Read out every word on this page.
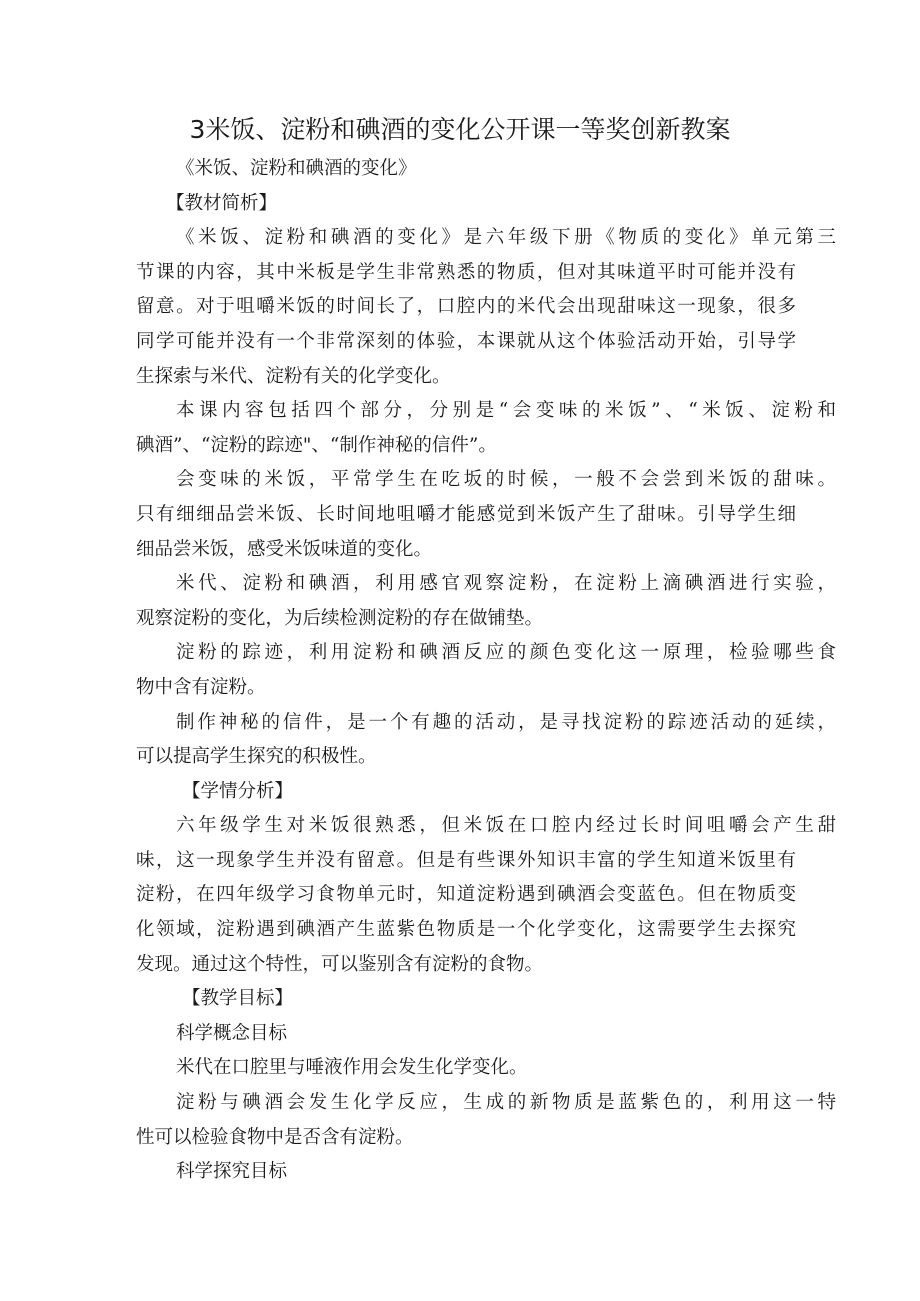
3米饭、淀粉和碘酒的变化公开课一等奖创新教案
《米饭、淀粉和碘酒的变化》
【教材简析】
《米饭、淀粉和碘酒的变化》是六年级下册《物质的变化》单元第三
节课的内容，其中米板是学生非常熟悉的物质，但对其味道平时可能并没有
留意。对于咀嚼米饭的时间长了，口腔内的米代会出现甜味这一现象，很多
同学可能并没有一个非常深刻的体验，本课就从这个体验活动开始，引导学
生探索与米代、淀粉有关的化学变化。
本课内容包括四个部分，分别是“会变味的米饭”、“米饭、淀粉和
碘酒”、“淀粉的踪迹"、“制作神秘的信件”。
会变味的米饭，平常学生在吃坂的时候，一般不会尝到米饭的甜味。
只有细细品尝米饭、长时间地咀嚼才能感觉到米饭产生了甜味。引导学生细
细品尝米饭，感受米饭味道的变化。
米代、淀粉和碘酒，利用感官观察淀粉，在淀粉上滴碘酒进行实验，
观察淀粉的变化，为后续检测淀粉的存在做铺垫。
淀粉的踪迹，利用淀粉和碘酒反应的颜色变化这一原理，检验哪些食
物中含有淀粉。
制作神秘的信件，是一个有趣的活动，是寻找淀粉的踪迹活动的延续，
可以提高学生探究的积极性。
【学情分析】
六年级学生对米饭很熟悉，但米饭在口腔内经过长时间咀嚼会产生甜
味，这一现象学生并没有留意。但是有些课外知识丰富的学生知道米饭里有
淀粉，在四年级学习食物单元时，知道淀粉遇到碘酒会变蓝色。但在物质变
化领域，淀粉遇到碘酒产生蓝紫色物质是一个化学变化，这需要学生去探究
发现。通过这个特性，可以鉴别含有淀粉的食物。
【教学目标】
科学概念目标
米代在口腔里与唾液作用会发生化学变化。
淀粉与碘酒会发生化学反应，生成的新物质是蓝紫色的，利用这一特
性可以检验食物中是否含有淀粉。
科学探究目标
